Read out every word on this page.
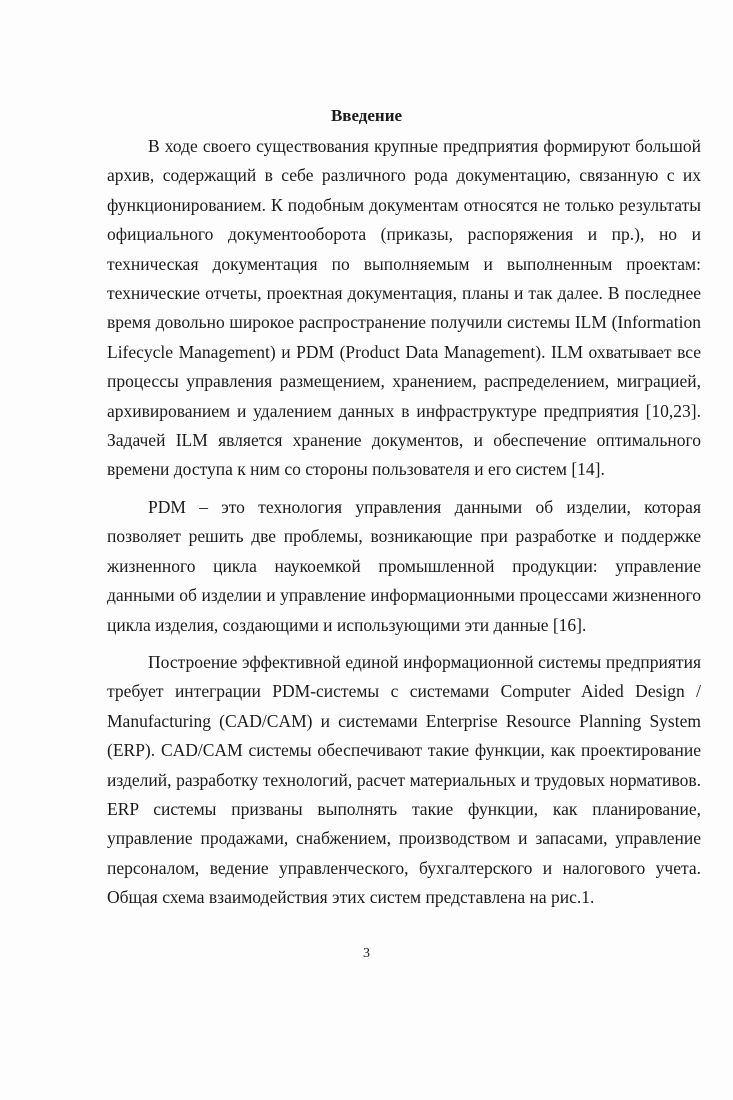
Введение

В ходе своего существования крупные предприятия формируют большой архив, содержащий в себе различного рода документацию, связанную с их функционированием. К подобным документам относятся не только результаты официального документооборота (приказы, распоряжения и пр.), но и техническая документация по выполняемым и выполненным проектам: технические отчеты, проектная документация, планы и так далее. В последнее время довольно широкое распространение получили системы ILM (Information Lifecycle Management) и PDM (Product Data Management). ILM охватывает все процессы управления размещением, хранением, распределением, миграцией, архивированием и удалением данных в инфраструктуре предприятия [10,23]. Задачей ILM является хранение документов, и обеспечение оптимального времени доступа к ним со стороны пользователя и его систем [14].

PDM – это технология управления данными об изделии, которая позволяет решить две проблемы, возникающие при разработке и поддержке жизненного цикла наукоемкой промышленной продукции: управление данными об изделии и управление информационными процессами жизненного цикла изделия, создающими и использующими эти данные [16].

Построение эффективной единой информационной системы предприятия требует интеграции PDM-системы с системами Computer Aided Design / Manufacturing (CAD/CAM) и системами Enterprise Resource Planning System (ERP). CAD/CAM системы обеспечивают такие функции, как проектирование изделий, разработку технологий, расчет материальных и трудовых нормативов. ERP системы призваны выполнять такие функции, как планирование, управление продажами, снабжением, производством и запасами, управление персоналом, ведение управленческого, бухгалтерского и налогового учета. Общая схема взаимодействия этих систем представлена на рис.1.

3
